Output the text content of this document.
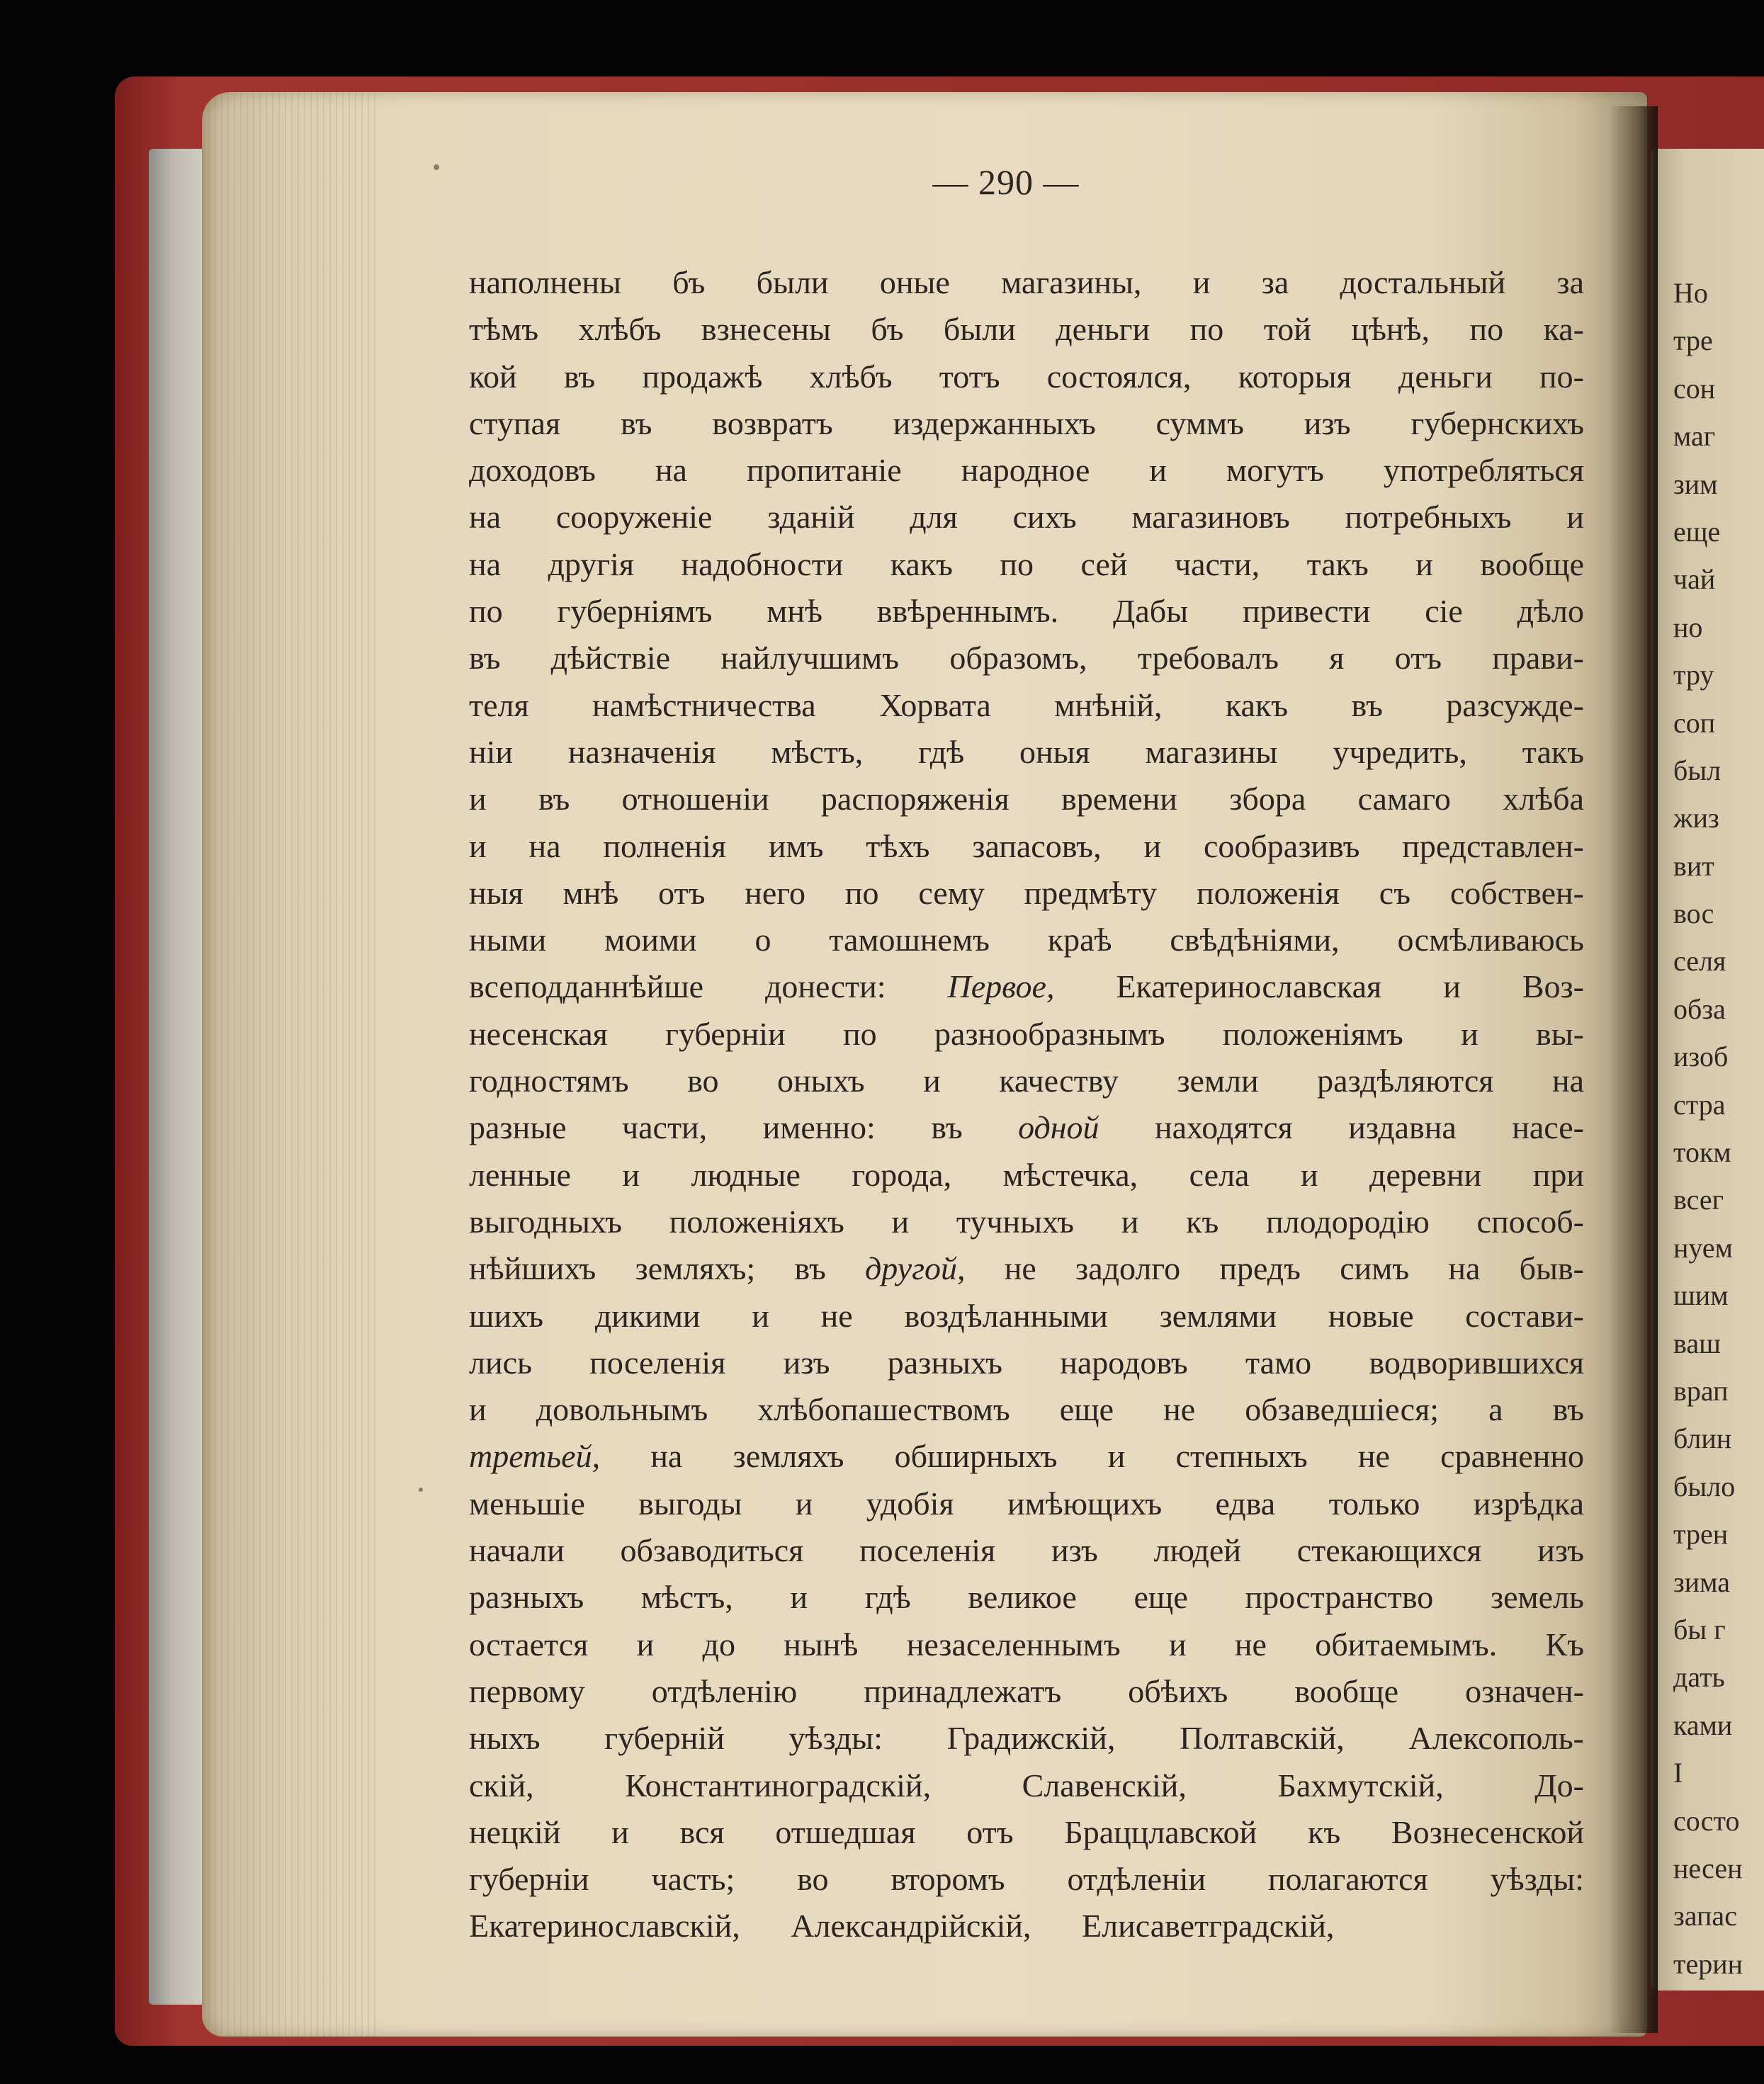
— 290 —
наполнены бъ были оные магазины, и за достальный за
тѣмъ хлѣбъ взнесены бъ были деньги по той цѣнѣ, по ка-
кой въ продажѣ хлѣбъ тотъ состоялся, которыя деньги по-
ступая въ возвратъ издержанныхъ суммъ изъ губернскихъ
доходовъ на пропитаніе народное и могутъ употребляться
на сооруженіе зданій для сихъ магазиновъ потребныхъ и
на другія надобности какъ по сей части, такъ и вообще
по губерніямъ мнѣ ввѣреннымъ. Дабы привести сіе дѣло
въ дѣйствіе найлучшимъ образомъ, требовалъ я отъ прави-
теля намѣстничества Хорвата мнѣній, какъ въ разсужде-
ніи назначенія мѣстъ, гдѣ оныя магазины учредить, такъ
и въ отношеніи распоряженія времени збора самаго хлѣба
и на полненія имъ тѣхъ запасовъ, и сообразивъ представлен-
ныя мнѣ отъ него по сему предмѣту положенія съ собствен-
ными моими о тамошнемъ краѣ свѣдѣніями, осмѣливаюсь
всеподданнѣйше донести: Первое, Екатеринославская и Воз-
несенская губерніи по разнообразнымъ положеніямъ и вы-
годностямъ во оныхъ и качеству земли раздѣляются на
разные части, именно: въ одной находятся издавна насе-
ленные и людные города, мѣстечка, села и деревни при
выгодныхъ положеніяхъ и тучныхъ и къ плодородію способ-
нѣйшихъ земляхъ; въ другой, не задолго предъ симъ на быв-
шихъ дикими и не воздѣланными землями новые состави-
лись поселенія изъ разныхъ народовъ тамо водворившихся
и довольнымъ хлѣбопашествомъ еще не обзаведшіеся; а въ
третьей, на земляхъ обширныхъ и степныхъ не сравненно
меньшіе выгоды и удобія имѣющихъ едва только изрѣдка
начали обзаводиться поселенія изъ людей стекающихся изъ
разныхъ мѣстъ, и гдѣ великое еще пространство земель
остается и до нынѣ незаселеннымъ и не обитаемымъ. Къ
первому отдѣленію принадлежатъ обѣихъ вообще означен-
ныхъ губерній уѣзды: Градижскій, Полтавскій, Алексополь-
скій, Константиноградскій, Славенскій, Бахмутскій, До-
нецкій и вся отшедшая отъ Браццлавской къ Вознесенской
губерніи часть; во второмъ отдѣленіи полагаются уѣзды:
Екатеринославскій, Александрійскій, Елисаветградскій,
Но
тре
сон
маг
зим
еще
чай
но
тру
соп
был
жиз
вит
вос
селя
обза
изоб
стра
токм
всег
нуем
шим
ваш
врап
блин
было
трен
зима
бы г
дать
ками
I
состо
несен
запас
терин
